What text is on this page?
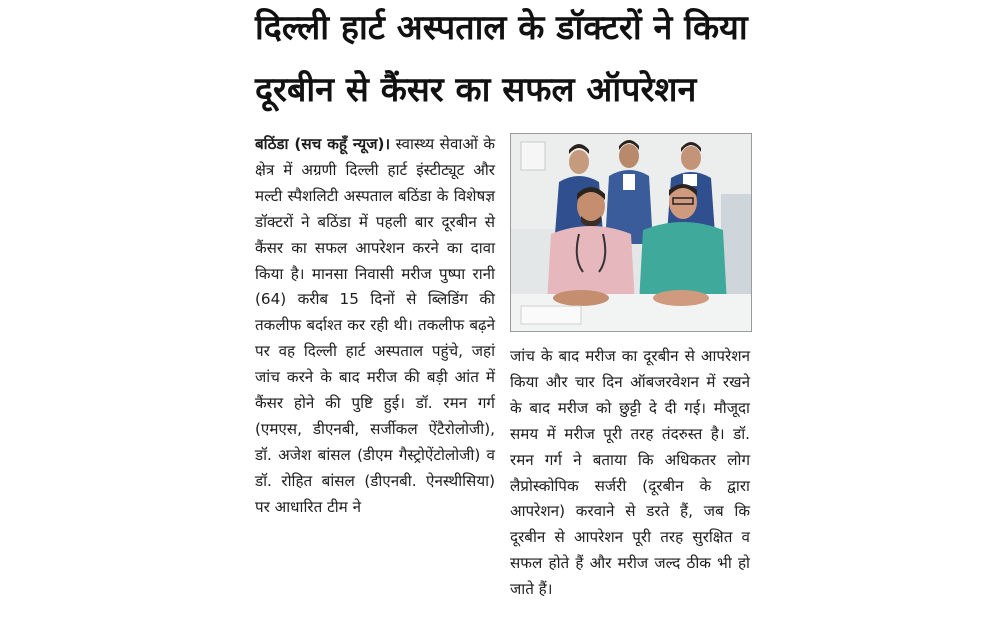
दिल्ली हार्ट अस्पताल के डॉक्टरों ने किया
दूरबीन से कैंसर का सफल ऑपरेशन

बठिंडा (सच कहूँ न्यूज)। स्वास्थ्य सेवाओं के क्षेत्र में अग्रणी दिल्ली हार्ट इंस्टीट्यूट और मल्टी स्पैशलिटी अस्पताल बठिंडा के विशेषज्ञ डॉक्टरों ने बठिंडा में पहली बार दूरबीन से कैंसर का सफल आपरेशन करने का दावा किया है। मानसा निवासी मरीज पुष्पा रानी (64) करीब 15 दिनों से ब्लिडिंग की तकलीफ बर्दाश्त कर रही थी। तकलीफ बढ़ने पर वह दिल्ली हार्ट अस्पताल पहुंचे, जहां जांच करने के बाद मरीज की बड़ी आंत में कैंसर होने की पुष्टि हुई। डॉ. रमन गर्ग (एमएस, डीएनबी, सर्जीकल ऐंटैरोलोजी), डॉ. अजेश बांसल (डीएम गैस्ट्रोऐंटोलोजी) व डॉ. रोहित बांसल (डीएनबी. ऐनस्थीसिया) पर आधारित टीम ने

जांच के बाद मरीज का दूरबीन से आपरेशन किया और चार दिन ऑबजरवेशन में रखने के बाद मरीज को छुट्टी दे दी गई। मौजूदा समय में मरीज पूरी तरह तंदरुस्त है। डॉ. रमन गर्ग ने बताया कि अधिकतर लोग लैप्रोस्कोपिक सर्जरी (दूरबीन के द्वारा आपरेशन) करवाने से डरते हैं, जब कि दूरबीन से आपरेशन पूरी तरह सुरक्षित व सफल होते हैं और मरीज जल्द ठीक भी हो जाते हैं।
